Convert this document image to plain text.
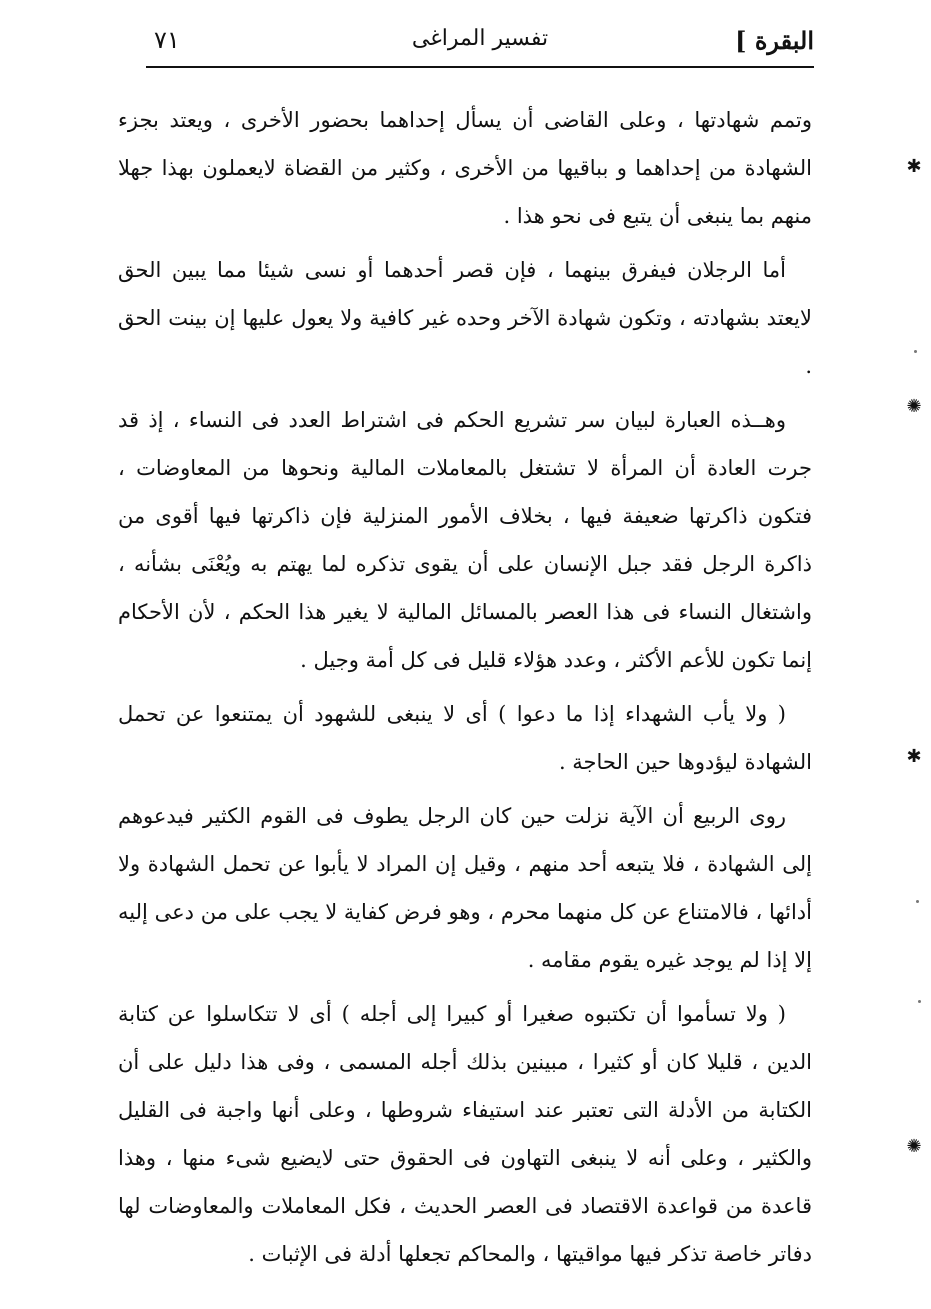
البقرة ]
تفسير المراغى
٧١

وتمم شهادتها ، وعلى القاضى أن يسأل إحداهما بحضور الأخرى ، ويعتد بجزء الشهادة من إحداهما و بباقيها من الأخرى ، وكثير من القضاة لايعملون بهذا جهلا منهم بما ينبغى أن يتبع فى نحو هذا .

أما الرجلان فيفرق بينهما ، فإن قصر أحدهما أو نسى شيئا مما يبين الحق لايعتد بشهادته ، وتكون شهادة الآخر وحده غير كافية ولا يعول عليها إن بينت الحق .

وهــذه العبارة لبيان سر تشريع الحكم فى اشتراط العدد فى النساء ، إذ قد جرت العادة أن المرأة لا تشتغل بالمعاملات المالية ونحوها من المعاوضات ، فتكون ذاكرتها ضعيفة فيها ، بخلاف الأمور المنزلية فإن ذاكرتها فيها أقوى من ذاكرة الرجل فقد جبل الإنسان على أن يقوى تذكره لما يهتم به ويُعْنَى بشأنه ، واشتغال النساء فى هذا العصر بالمسائل المالية لا يغير هذا الحكم ، لأن الأحكام إنما تكون للأعم الأكثر ، وعدد هؤلاء قليل فى كل أمة وجيل .

( ولا يأب الشهداء إذا ما دعوا ) أى لا ينبغى للشهود أن يمتنعوا عن تحمل الشهادة ليؤدوها حين الحاجة .

روى الربيع أن الآية نزلت حين كان الرجل يطوف فى القوم الكثير فيدعوهم إلى الشهادة ، فلا يتبعه أحد منهم ، وقيل إن المراد لا يأبوا عن تحمل الشهادة ولا أدائها ، فالامتناع عن كل منهما محرم ، وهو فرض كفاية لا يجب على من دعى إليه إلا إذا لم يوجد غيره يقوم مقامه .

( ولا تسأموا أن تكتبوه صغيرا أو كبيرا إلى أجله ) أى لا تتكاسلوا عن كتابة الدين ، قليلا كان أو كثيرا ، مبينين بذلك أجله المسمى ، وفى هذا دليل على أن الكتابة من الأدلة التى تعتبر عند استيفاء شروطها ، وعلى أنها واجبة فى القليل والكثير ، وعلى أنه لا ينبغى التهاون فى الحقوق حتى لايضيع شىء منها ، وهذا قاعدة من قواعدة الاقتصاد فى العصر الحديث ، فكل المعاملات والمعاوضات لها دفاتر خاصة تذكر فيها مواقيتها ، والمحاكم تجعلها أدلة فى الإثبات .

✱
✺
✱
✺
